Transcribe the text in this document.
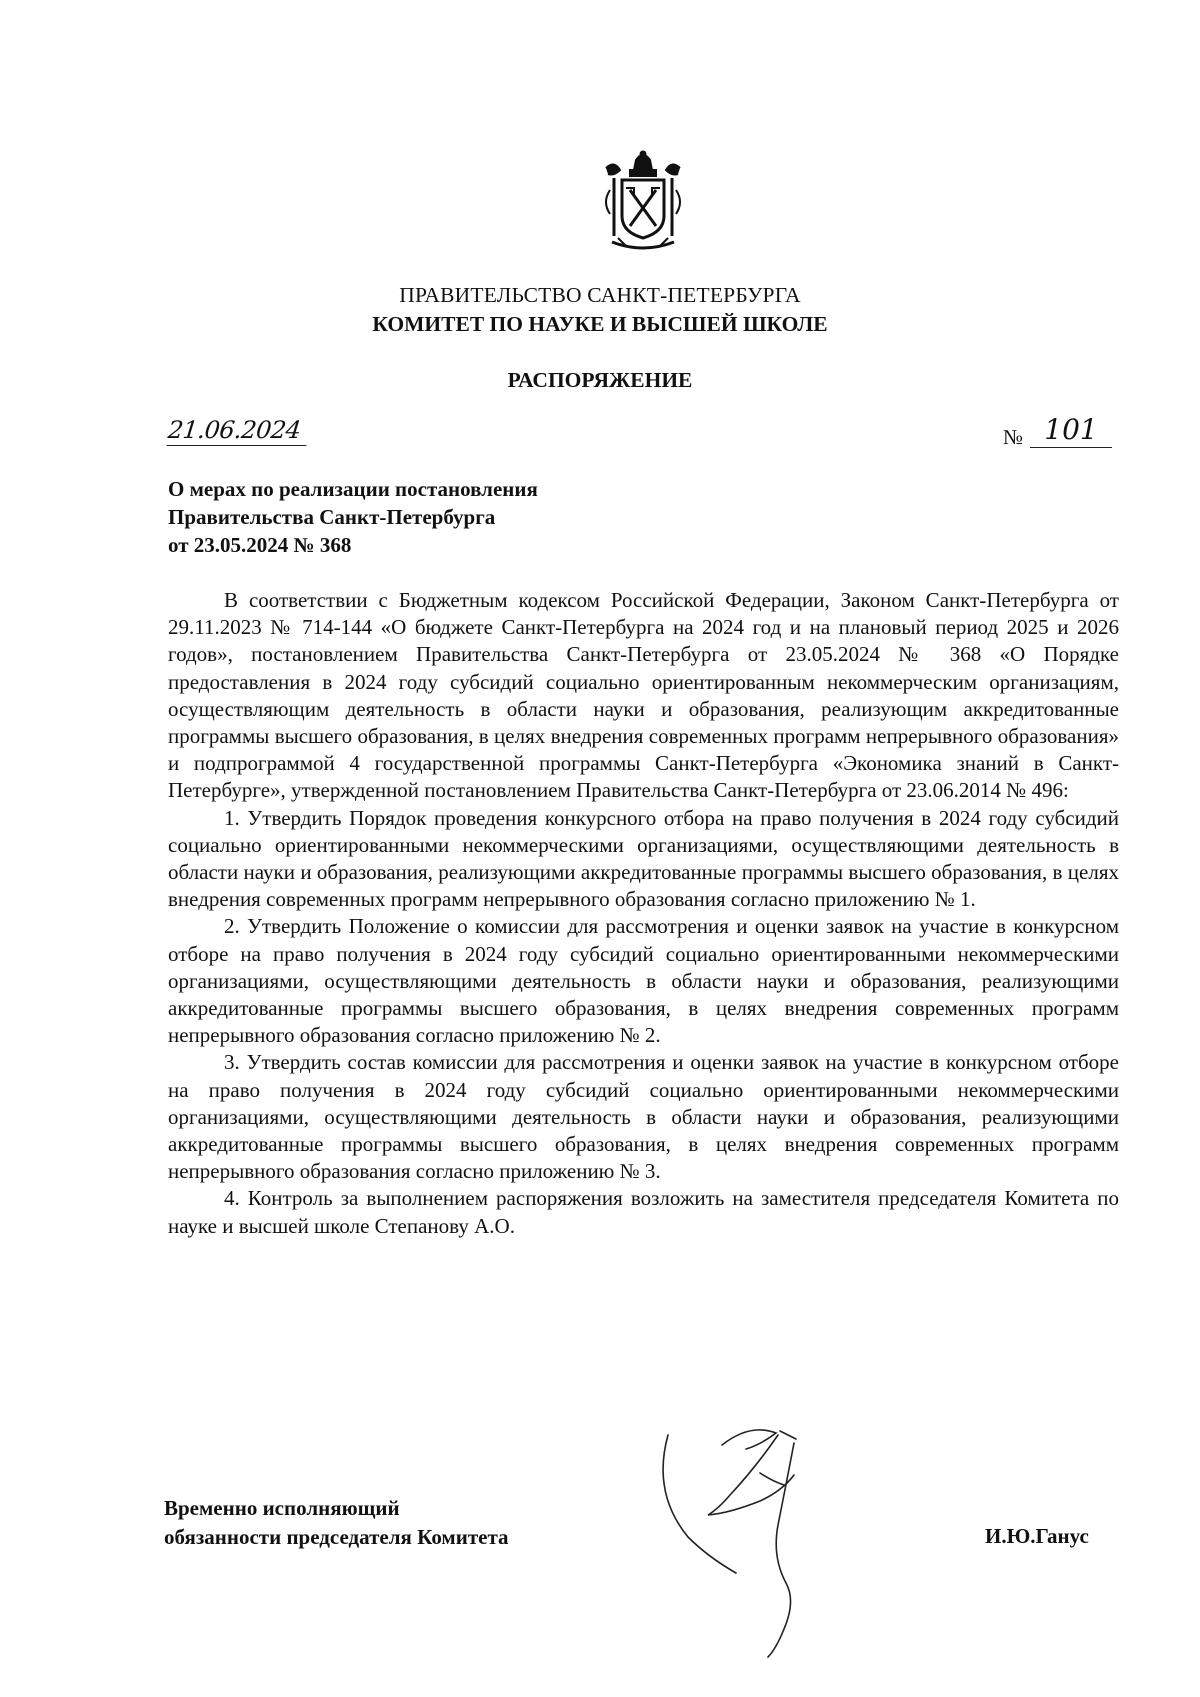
ПРАВИТЕЛЬСТВО САНКТ-ПЕТЕРБУРГА
КОМИТЕТ ПО НАУКЕ И ВЫСШЕЙ ШКОЛЕ
РАСПОРЯЖЕНИЕ
21.06.2024	№ 101
О мерах по реализации постановления
Правительства Санкт-Петербурга
от 23.05.2024 № 368

В соответствии с Бюджетным кодексом Российской Федерации, Законом Санкт-Петербурга от 29.11.2023 № 714-144 «О бюджете Санкт-Петербурга на 2024 год и на плановый период 2025 и 2026 годов», постановлением Правительства Санкт-Петербурга от 23.05.2024 № 368 «О Порядке предоставления в 2024 году субсидий социально ориентированным некоммерческим организациям, осуществляющим деятельность в области науки и образования, реализующим аккредитованные программы высшего образования, в целях внедрения современных программ непрерывного образования» и подпрограммой 4 государственной программы Санкт-Петербурга «Экономика знаний в Санкт-Петербурге», утвержденной постановлением Правительства Санкт-Петербурга от 23.06.2014 № 496:

1. Утвердить Порядок проведения конкурсного отбора на право получения в 2024 году субсидий социально ориентированными некоммерческими организациями, осуществляющими деятельность в области науки и образования, реализующими аккредитованные программы высшего образования, в целях внедрения современных программ непрерывного образования согласно приложению № 1.

2. Утвердить Положение о комиссии для рассмотрения и оценки заявок на участие в конкурсном отборе на право получения в 2024 году субсидий социально ориентированными некоммерческими организациями, осуществляющими деятельность в области науки и образования, реализующими аккредитованные программы высшего образования, в целях внедрения современных программ непрерывного образования согласно приложению № 2.

3. Утвердить состав комиссии для рассмотрения и оценки заявок на участие в конкурсном отборе на право получения в 2024 году субсидий социально ориентированными некоммерческими организациями, осуществляющими деятельность в области науки и образования, реализующими аккредитованные программы высшего образования, в целях внедрения современных программ непрерывного образования согласно приложению № 3.

4. Контроль за выполнением распоряжения возложить на заместителя председателя Комитета по науке и высшей школе Степанову А.О.

Временно исполняющий
обязанности председателя Комитета	И.Ю.Ганус
